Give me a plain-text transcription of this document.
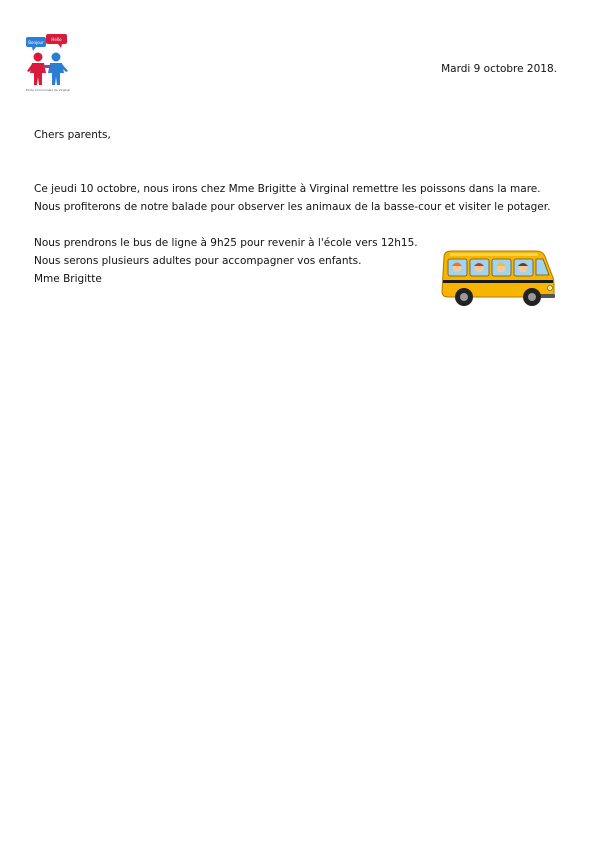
Bonjour
Hello
Ecole Communale de Virginal
Mardi 9 octobre 2018.

Chers parents,

Ce jeudi 10 octobre, nous irons chez Mme Brigitte à Virginal remettre les poissons dans la mare.

Nous profiterons de notre balade pour observer les animaux de la basse-cour et visiter le potager.

Nous prendrons le bus de ligne à 9h25 pour revenir à l'école vers 12h15.

Nous serons plusieurs adultes pour accompagner vos enfants.

Mme Brigitte
